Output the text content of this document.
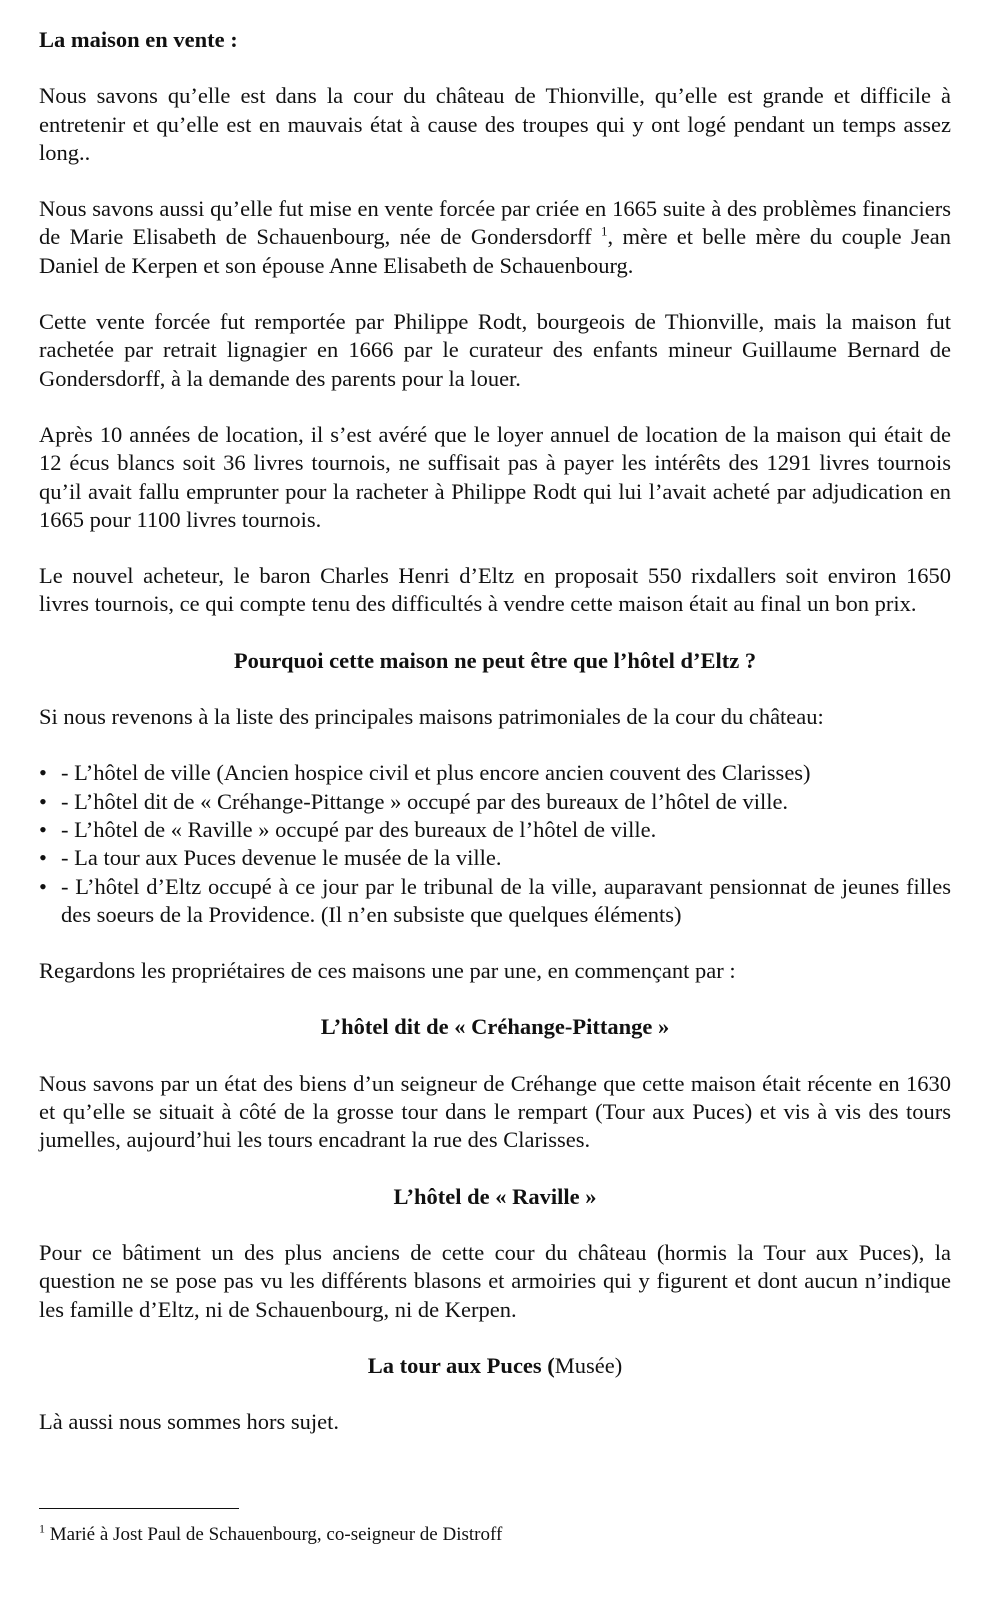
La maison en vente :

Nous savons qu’elle est dans la cour du château de Thionville, qu’elle est grande et difficile à entretenir et qu’elle est en mauvais état à cause des troupes qui y ont logé pendant un temps assez long..

Nous savons aussi qu’elle fut mise en vente forcée par criée en 1665 suite à des problèmes financiers de Marie Elisabeth de Schauenbourg, née de Gondersdorff $^1$, mère et belle mère du couple Jean Daniel de Kerpen et son épouse Anne Elisabeth de Schauenbourg.

Cette vente forcée fut remportée par Philippe Rodt, bourgeois de Thionville, mais la maison fut rachetée par retrait lignagier en 1666 par le curateur des enfants mineur Guillaume Bernard de Gondersdorff, à la demande des parents pour la louer.

Après 10 années de location, il s’est avéré que le loyer annuel de location de la maison qui était de 12 écus blancs soit 36 livres tournois, ne suffisait pas à payer les intérêts des 1291 livres tournois qu’il avait fallu emprunter pour la racheter à Philippe Rodt qui lui l’avait acheté par adjudication en 1665 pour 1100 livres tournois.

Le nouvel acheteur, le baron Charles Henri d’Eltz en proposait 550 rixdallers soit environ 1650 livres tournois, ce qui compte tenu des difficultés à vendre cette maison était au final un bon prix.

Pourquoi cette maison ne peut être que l’hôtel d’Eltz ?

Si nous revenons à la liste des principales maisons patrimoniales de la cour du château:

• - L’hôtel de ville (Ancien hospice civil et plus encore ancien couvent des Clarisses)
• - L’hôtel dit de « Créhange-Pittange » occupé par des bureaux de l’hôtel de ville.
• - L’hôtel de « Raville » occupé par des bureaux de l’hôtel de ville.
• - La tour aux Puces devenue le musée de la ville.
• - L’hôtel d’Eltz occupé à ce jour par le tribunal de la ville, auparavant pensionnat de jeunes filles des soeurs de la Providence. (Il n’en subsiste que quelques éléments)

Regardons les propriétaires de ces maisons une par une, en commençant par :

L’hôtel dit de « Créhange-Pittange »

Nous savons par un état des biens d’un seigneur de Créhange que cette maison était récente en 1630 et qu’elle se situait à côté de la grosse tour dans le rempart (Tour aux Puces) et vis à vis des tours jumelles, aujourd’hui les tours encadrant la rue des Clarisses.

L’hôtel de « Raville »

Pour ce bâtiment un des plus anciens de cette cour du château (hormis la Tour aux Puces), la question ne se pose pas vu les différents blasons et armoiries qui y figurent et dont aucun n’indique les famille d’Eltz, ni de Schauenbourg, ni de Kerpen.

La tour aux Puces (Musée)

Là aussi nous sommes hors sujet.

$^1$ Marié à Jost Paul de Schauenbourg, co-seigneur de Distroff
